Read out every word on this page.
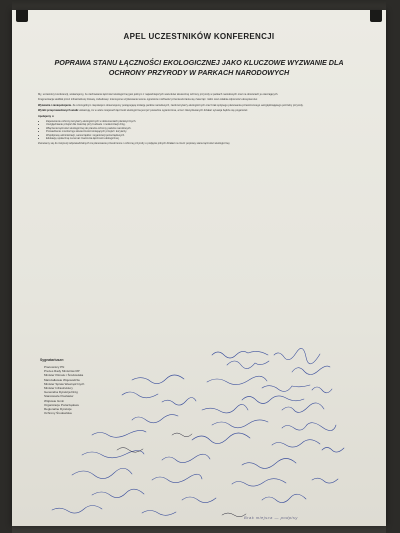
APEL UCZESTNIKÓW KONFERENCJI
POPRAWA STANU ŁĄCZNOŚCI EKOLOGICZNEJ JAKO KLUCZOWE WYZWANIE DLA OCHRONY PRZYRODY W PARKACH NARODOWYCH

My, uczestnicy konferencji, wskazujemy, że zachowanie łączności ekologicznej jest jednym z najważniejszych warunków skutecznej ochrony przyrody w parkach narodowych oraz na obszarach je otaczających.

Fragmentacja siedlisk przez infrastrukturę liniową, zabudowę i intensywne użytkowanie terenu ogranicza możliwość przemieszczania się zwierząt i roślin oraz osłabia odporność ekosystemów.

Wyzwania i zaniepokojenie. Ze szczególnym niepokojem obserwujemy postępującą izolację parków narodowych, zanik korytarzy ekologicznych oraz brak spójnego planowania przestrzennego uwzględniającego potrzeby przyrody.

Wyniki przeprowadzonych analiz wskazują, że w wielu miejscach łączność ekologiczna jest już poważnie ograniczona, a bez zdecydowanych działań sytuacja będzie się pogarszać.

Apelujemy o:

• Zapewnienie ochrony korytarzy ekologicznych w dokumentach planistycznych.
• Uwzględnianie przejść dla zwierząt przy budowie i modernizacji dróg.
• Włączenie łączności ekologicznej do planów ochrony parków narodowych.
• Prowadzenie monitoringu skuteczności istniejących przejść i korytarzy.
• Współpracę administracji, samorządów i organizacji pozarządowych.
• Edukację społeczną na temat znaczenia łączności ekologicznej.

Zwracamy się do instytucji odpowiedzialnych za planowanie przestrzenne i ochronę przyrody o podjęcie pilnych działań na rzecz poprawy stanu łączności ekologicznej.

Sygnatariusze:
Pracownicy PN
Prezes Rady Ministrów RP
Minister Klimatu i Środowiska
Marszałkowie Województw
Minister Spraw Wewnętrznych
Minister Infrastruktury
Generalna Dyrekcja Dróg
Starostowie Powiatów
Wójtowie Gmin
Organizacje Pozarządowe
Regionalne Dyrekcje
Ochrony Środowiska
Brak miejsca — podpisy
